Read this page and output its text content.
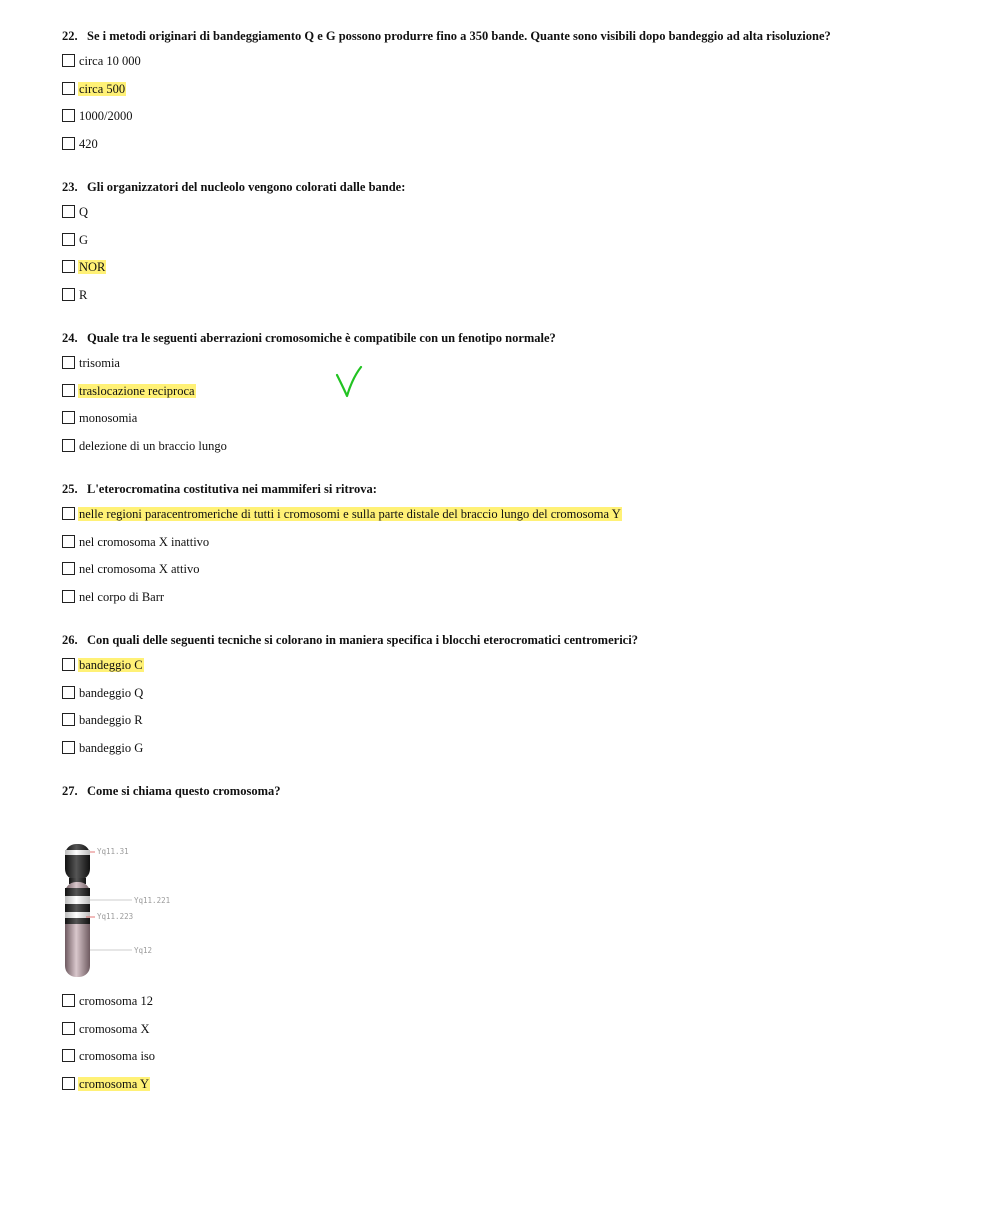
22. Se i metodi originari di bandeggiamento Q e G possono produrre fino a 350 bande. Quante sono visibili dopo bandeggio ad alta risoluzione?
circa 10 000
circa 500
1000/2000
420
23. Gli organizzatori del nucleolo vengono colorati dalle bande:
Q
G
NOR
R
24. Quale tra le seguenti aberrazioni cromosomiche è compatibile con un fenotipo normale?
trisomia
traslocazione reciproca
monosomia
delezione di un braccio lungo
25. L'eterocromatina costitutiva nei mammiferi si ritrova:
nelle regioni paracentromeriche di tutti i cromosomi e sulla parte distale del braccio lungo del cromosoma Y
nel cromosoma X inattivo
nel cromosoma X attivo
nel corpo di Barr
26. Con quali delle seguenti tecniche si colorano in maniera specifica i blocchi eterocromatici centromerici?
bandeggio C
bandeggio Q
bandeggio R
bandeggio G
27. Come si chiama questo cromosoma?
Yq11.31
Yq11.221
Yq11.223
Yq12
cromosoma 12
cromosoma X
cromosoma iso
cromosoma Y
